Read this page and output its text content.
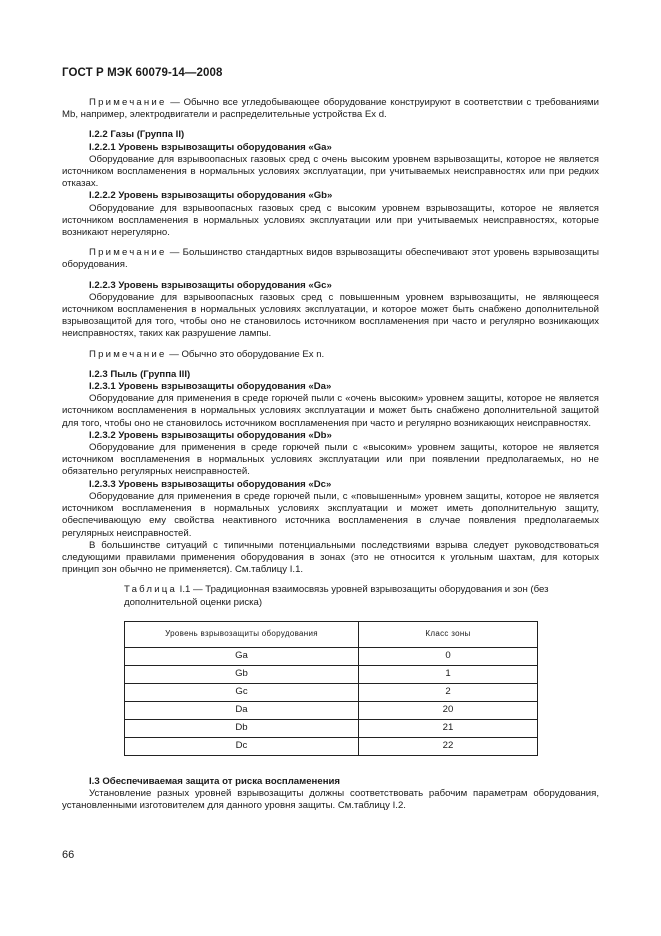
ГОСТ Р МЭК 60079-14—2008

Примечание — Обычно все угледобывающее оборудование конструируют в соответствии с требованиями Mb, например, электродвигатели и распределительные устройства Ex d.

I.2.2 Газы (Группа II)

I.2.2.1 Уровень взрывозащиты оборудования «Ga»

Оборудование для взрывоопасных газовых сред с очень высоким уровнем взрывозащиты, которое не является источником воспламенения в нормальных условиях эксплуатации, при учитываемых неисправностях или при редких отказах.

I.2.2.2 Уровень взрывозащиты оборудования «Gb»

Оборудование для взрывоопасных газовых сред с высоким уровнем взрывозащиты, которое не является источником воспламенения в нормальных условиях эксплуатации или при учитываемых неисправностях, которые возникают нерегулярно.

Примечание — Большинство стандартных видов взрывозащиты обеспечивают этот уровень взрывозащиты оборудования.

I.2.2.3 Уровень взрывозащиты оборудования «Gc»

Оборудование для взрывоопасных газовых сред с повышенным уровнем взрывозащиты, не являющееся источником воспламенения в нормальных условиях эксплуатации, и которое может быть снабжено дополнительной взрывозащитой для того, чтобы оно не становилось источником воспламенения при часто и регулярно возникающих неисправностях, таких как разрушение лампы.

Примечание — Обычно это оборудование Ex n.

I.2.3 Пыль (Группа III)

I.2.3.1 Уровень взрывозащиты оборудования «Da»

Оборудование для применения в среде горючей пыли с «очень высоким» уровнем защиты, которое не является источником воспламенения в нормальных условиях эксплуатации и может быть снабжено дополнительной защитой для того, чтобы оно не становилось источником воспламенения при часто и регулярно возникающих неисправностях.

I.2.3.2 Уровень взрывозащиты оборудования «Db»

Оборудование для применения в среде горючей пыли с «высоким» уровнем защиты, которое не является источником воспламенения в нормальных условиях эксплуатации или при появлении предполагаемых, но не обязательно регулярных неисправностей.

I.2.3.3 Уровень взрывозащиты оборудования «Dc»

Оборудование для применения в среде горючей пыли, с «повышенным» уровнем защиты, которое не является источником воспламенения в нормальных условиях эксплуатации и может иметь дополнительную защиту, обеспечивающую ему свойства неактивного источника воспламенения в случае появления предполагаемых регулярных неисправностей.

В большинстве ситуаций с типичными потенциальными последствиями взрыва следует руководствоваться следующими правилами применения оборудования в зонах (это не относится к угольным шахтам, для которых принцип зон обычно не применяется). См.таблицу I.1.

Таблица I.1 — Традиционная взаимосвязь уровней взрывозащиты оборудования и зон (без дополнительной оценки риска)

Уровень взрывозащиты оборудования	Класс зоны
Ga	0
Gb	1
Gc	2
Da	20
Db	21
Dc	22

I.3 Обеспечиваемая защита от риска воспламенения

Установление разных уровней взрывозащиты должны соответствовать рабочим параметрам оборудования, установленными изготовителем для данного уровня защиты. См.таблицу I.2.

66
